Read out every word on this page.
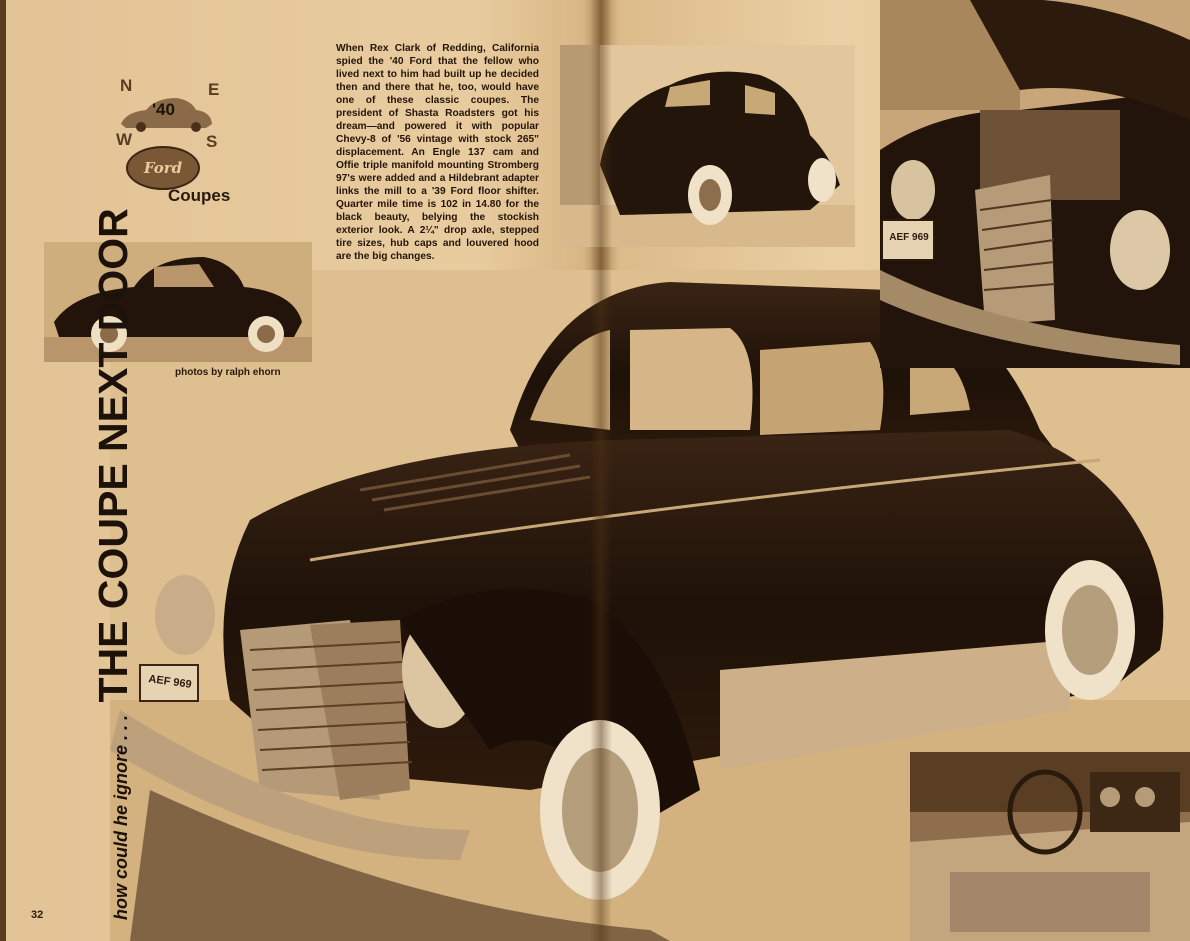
AEF 969
AEF 969
N	E
W	S
'40
Ford
Coupes
photos by ralph ehorn
When Rex Clark of Redding, California spied the '40 Ford that the fellow who lived next to him had built up he decided then and there that he, too, would have one of these classic coupes. The president of Shasta Roadsters got his dream—and powered it with popular Chevy-8 of '56 vintage with stock 265" displacement. An Engle 137 cam and Offie triple manifold mounting Stromberg 97's were added and a Hildebrant adapter links the mill to a '39 Ford floor shifter. Quarter mile time is 102 in 14.80 for the black beauty, belying the stockish exterior look. A 2¼" drop axle, stepped tire sizes, hub caps and louvered hood are the big changes.
how could he ignore . . . THE COUPE NEXT DOOR
32
